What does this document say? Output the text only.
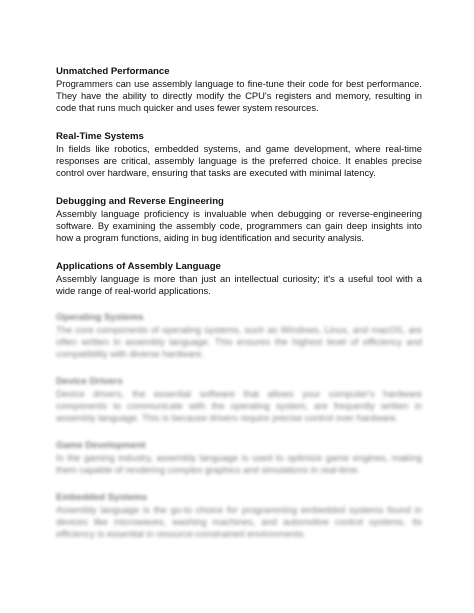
Unmatched Performance

Programmers can use assembly language to fine-tune their code for best performance. They have the ability to directly modify the CPU's registers and memory, resulting in code that runs much quicker and uses fewer system resources.

Real-Time Systems

In fields like robotics, embedded systems, and game development, where real-time responses are critical, assembly language is the preferred choice. It enables precise control over hardware, ensuring that tasks are executed with minimal latency.

Debugging and Reverse Engineering

Assembly language proficiency is invaluable when debugging or reverse-engineering software. By examining the assembly code, programmers can gain deep insights into how a program functions, aiding in bug identification and security analysis.

Applications of Assembly Language

Assembly language is more than just an intellectual curiosity; it's a useful tool with a wide range of real-world applications.

Operating Systems

The core components of operating systems, such as Windows, Linux, and macOS, are often written in assembly language. This ensures the highest level of efficiency and compatibility with diverse hardware.

Device Drivers

Device drivers, the essential software that allows your computer's hardware components to communicate with the operating system, are frequently written in assembly language. This is because drivers require precise control over hardware.

Game Development

In the gaming industry, assembly language is used to optimize game engines, making them capable of rendering complex graphics and simulations in real-time.

Embedded Systems

Assembly language is the go-to choice for programming embedded systems found in devices like microwaves, washing machines, and automotive control systems. Its efficiency is essential in resource-constrained environments.
